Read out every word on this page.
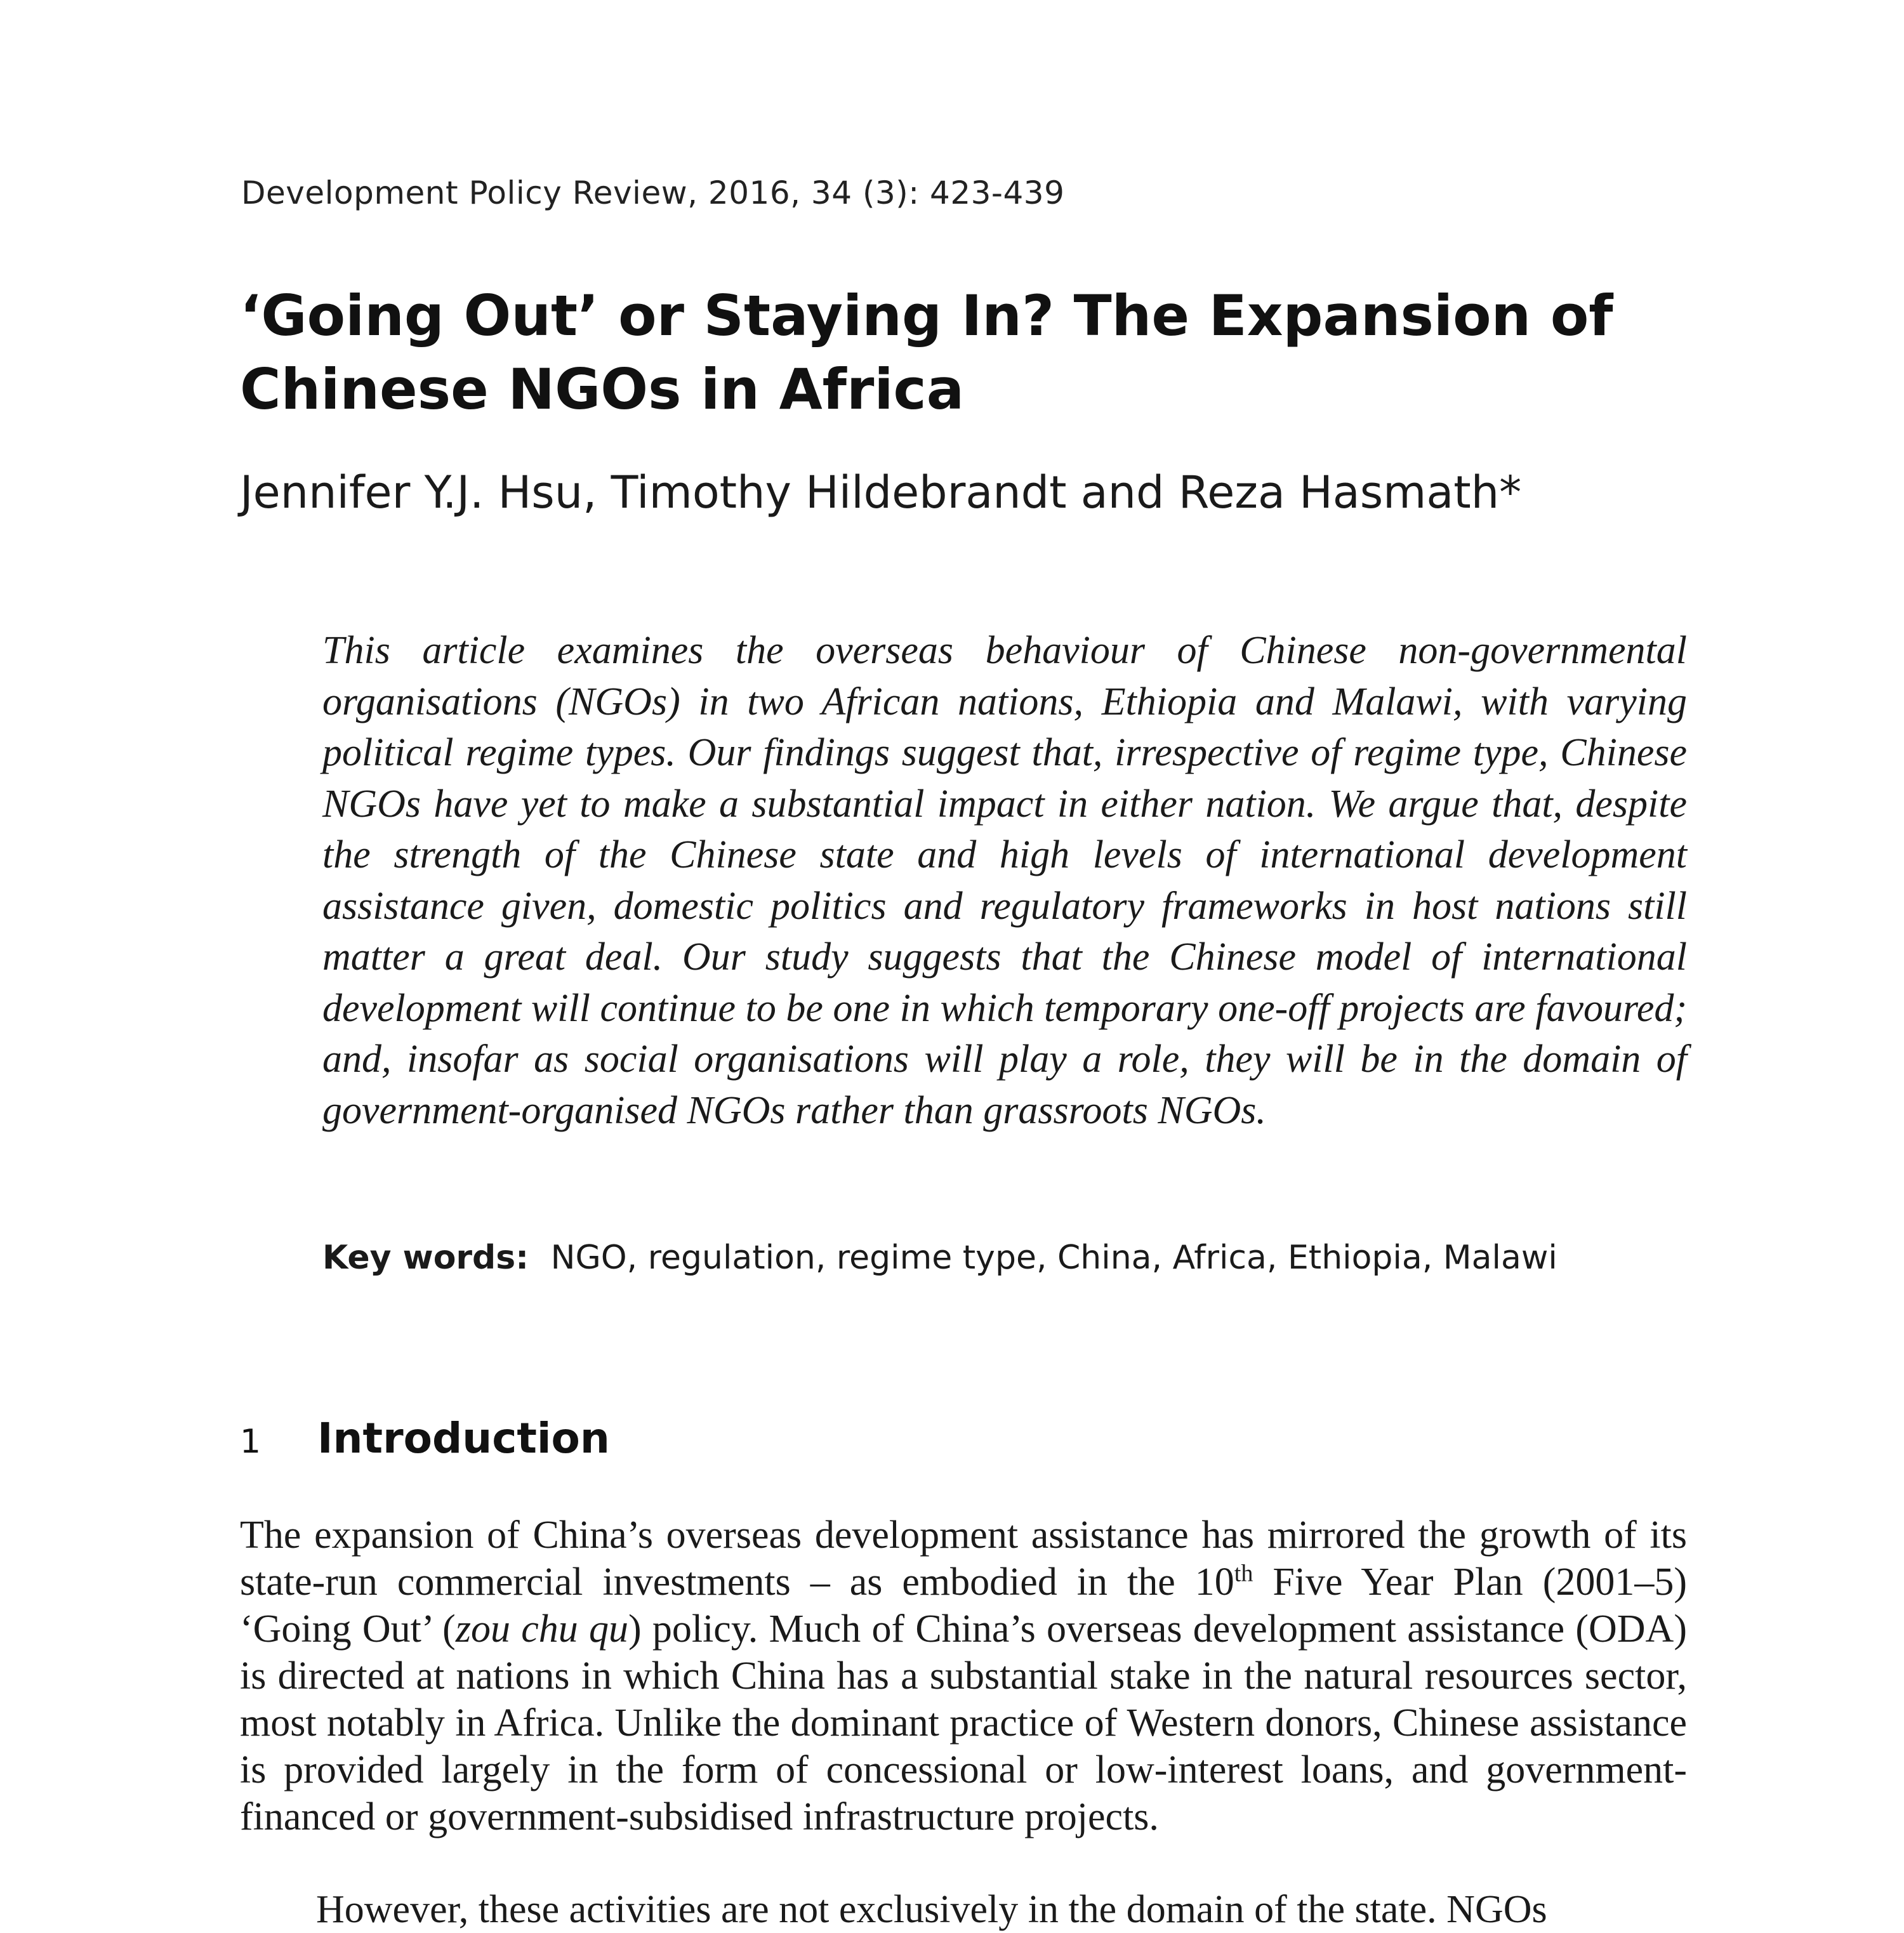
Development Policy Review, 2016, 34 (3): 423-439
‘Going Out’ or Staying In? The Expansion of
Chinese NGOs in Africa

Jennifer Y.J. Hsu, Timothy Hildebrandt and Reza Hasmath*

This article examines the overseas behaviour of Chinese non-governmental organisations (NGOs) in two African nations, Ethiopia and Malawi, with varying political regime types. Our findings suggest that, irrespective of regime type, Chinese NGOs have yet to make a substantial impact in either nation. We argue that, despite the strength of the Chinese state and high levels of international development assistance given, domestic politics and regulatory frameworks in host nations still matter a great deal. Our study suggests that the Chinese model of international development will continue to be one in which temporary one-off projects are favoured; and, insofar as social organisations will play a role, they will be in the domain of government-organised NGOs rather than grassroots NGOs.

Key words: NGO, regulation, regime type, China, Africa, Ethiopia, Malawi
1 Introduction

The expansion of China’s overseas development assistance has mirrored the growth of its state-run commercial investments – as embodied in the 10th Five Year Plan (2001–5) ‘Going Out’ (zou chu qu) policy. Much of China’s overseas development assistance (ODA) is directed at nations in which China has a substantial stake in the natural resources sector, most notably in Africa. Unlike the dominant practice of Western donors, Chinese assistance is provided largely in the form of concessional or low-interest loans, and government-financed or government-subsidised infrastructure projects.

However, these activities are not exclusively in the domain of the state. NGOs
